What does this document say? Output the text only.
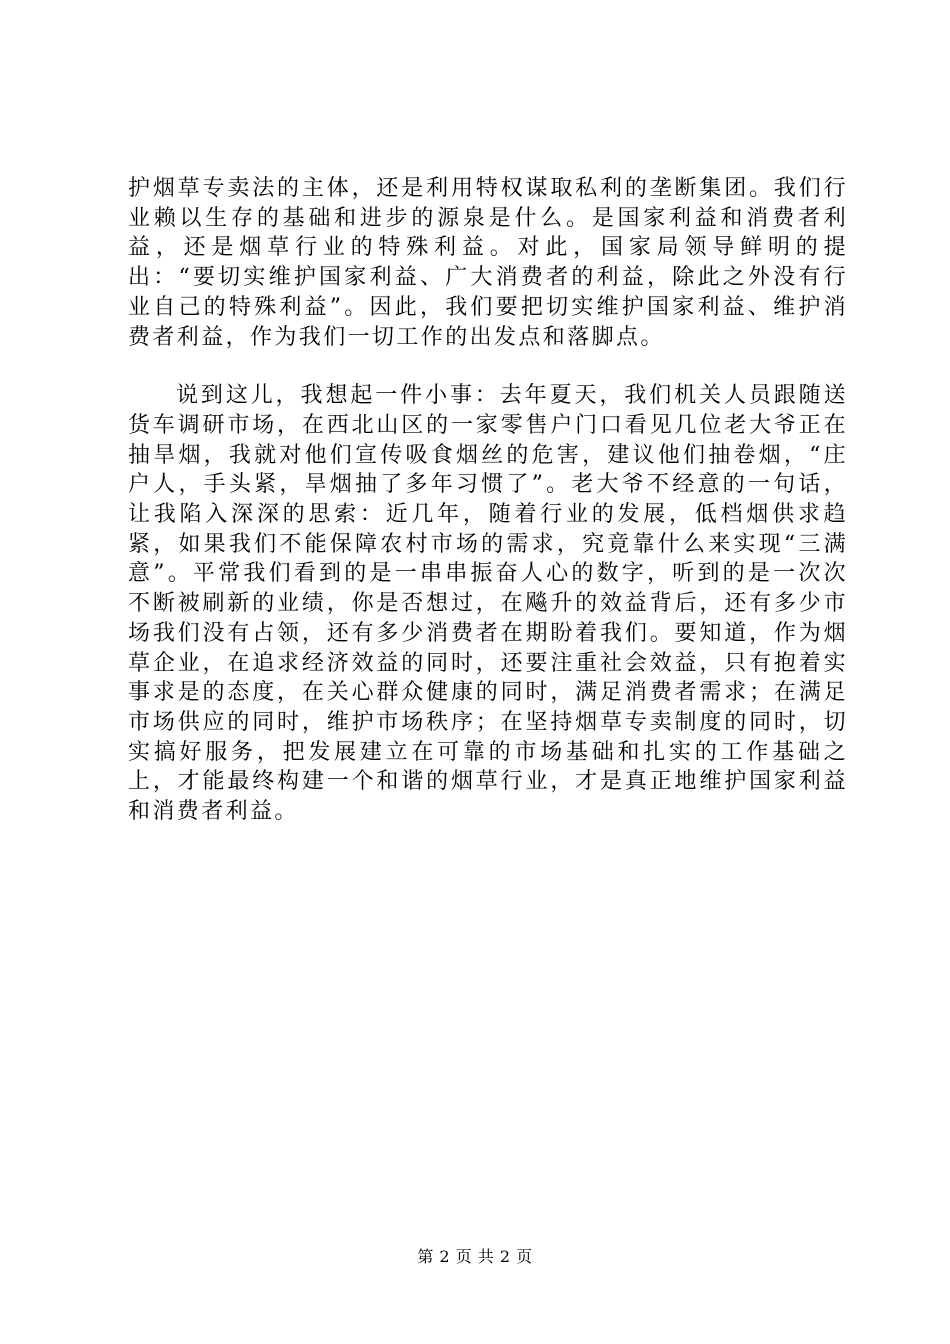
护烟草专卖法的主体，还是利用特权谋取私利的垄断集团。我们行业赖以生存的基础和进步的源泉是什么。是国家利益和消费者利益，还是烟草行业的特殊利益。对此，国家局领导鲜明的提出：“要切实维护国家利益、广大消费者的利益，除此之外没有行业自己的特殊利益”。因此，我们要把切实维护国家利益、维护消费者利益，作为我们一切工作的出发点和落脚点。

说到这儿，我想起一件小事：去年夏天，我们机关人员跟随送货车调研市场，在西北山区的一家零售户门口看见几位老大爷正在抽旱烟，我就对他们宣传吸食烟丝的危害，建议他们抽卷烟，“庄户人，手头紧，旱烟抽了多年习惯了”。老大爷不经意的一句话，让我陷入深深的思索：近几年，随着行业的发展，低档烟供求趋紧，如果我们不能保障农村市场的需求，究竟靠什么来实现“三满意”。平常我们看到的是一串串振奋人心的数字，听到的是一次次不断被刷新的业绩，你是否想过，在飚升的效益背后，还有多少市场我们没有占领，还有多少消费者在期盼着我们。要知道，作为烟草企业，在追求经济效益的同时，还要注重社会效益，只有抱着实事求是的态度，在关心群众健康的同时，满足消费者需求；在满足市场供应的同时，维护市场秩序；在坚持烟草专卖制度的同时，切实搞好服务，把发展建立在可靠的市场基础和扎实的工作基础之上，才能最终构建一个和谐的烟草行业，才是真正地维护国家利益和消费者利益。

第 2 页 共 2 页
